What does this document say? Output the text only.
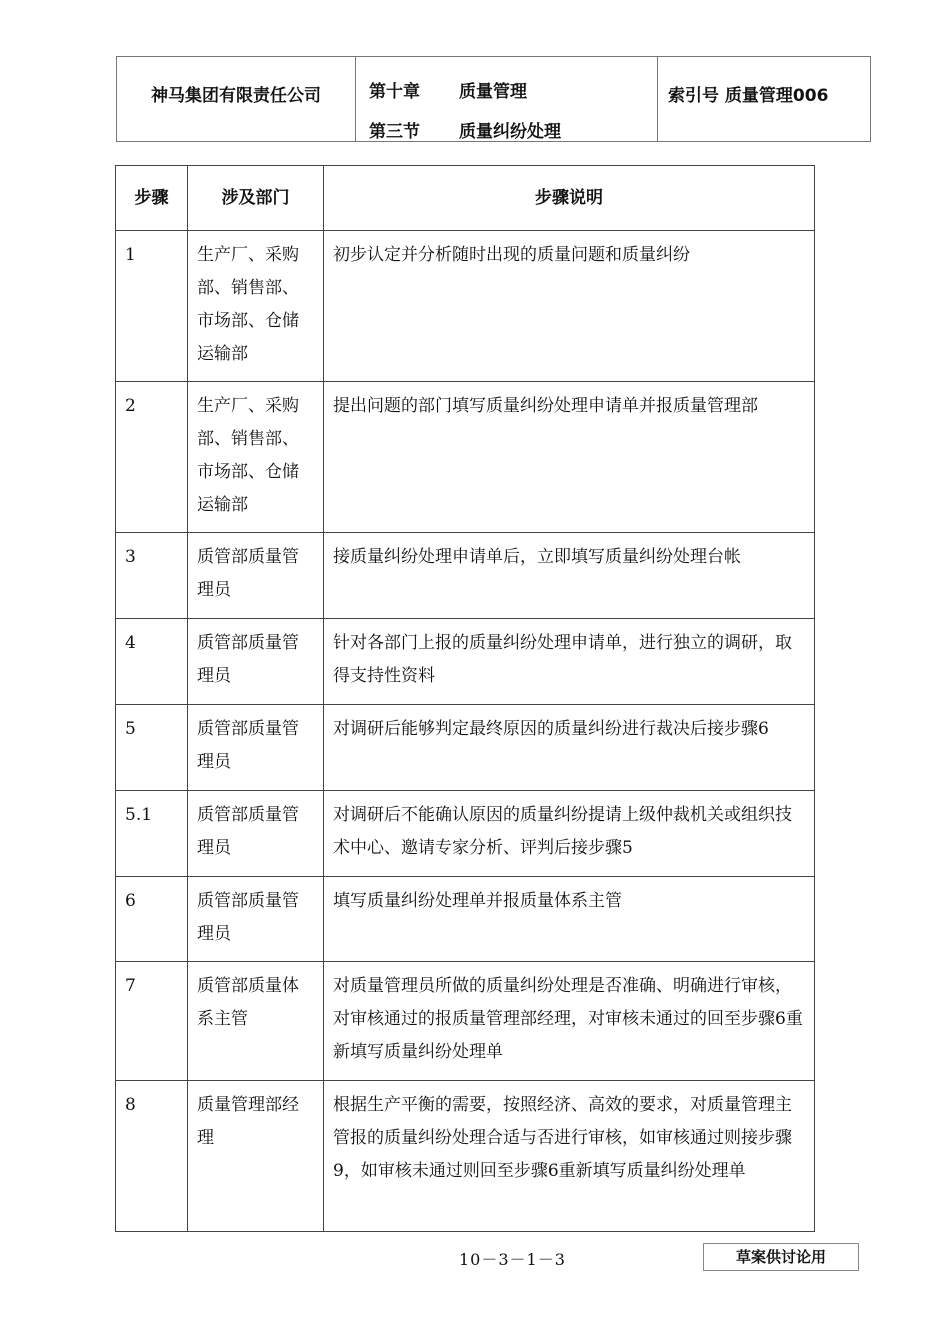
神马集团有限责任公司	第十章 质量管理
第三节 质量纠纷处理
索引号 质量管理006
步骤	涉及部门	步骤说明
1	生产厂、采购部、销售部、市场部、仓储运输部	初步认定并分析随时出现的质量问题和质量纠纷
2	生产厂、采购部、销售部、市场部、仓储运输部	提出问题的部门填写质量纠纷处理申请单并报质量管理部
3	质管部质量管理员	接质量纠纷处理申请单后，立即填写质量纠纷处理台帐
4	质管部质量管理员	针对各部门上报的质量纠纷处理申请单，进行独立的调研，取得支持性资料
5	质管部质量管理员	对调研后能够判定最终原因的质量纠纷进行裁决后接步骤6
5.1	质管部质量管理员	对调研后不能确认原因的质量纠纷提请上级仲裁机关或组织技术中心、邀请专家分析、评判后接步骤5
6	质管部质量管理员	填写质量纠纷处理单并报质量体系主管
7	质管部质量体系主管	对质量管理员所做的质量纠纷处理是否准确、明确进行审核，对审核通过的报质量管理部经理，对审核未通过的回至步骤6重新填写质量纠纷处理单
8	质量管理部经理	根据生产平衡的需要，按照经济、高效的要求，对质量管理主管报的质量纠纷处理合适与否进行审核，如审核通过则接步骤9，如审核未通过则回至步骤6重新填写质量纠纷处理单
10－3－1－3	草案供讨论用
